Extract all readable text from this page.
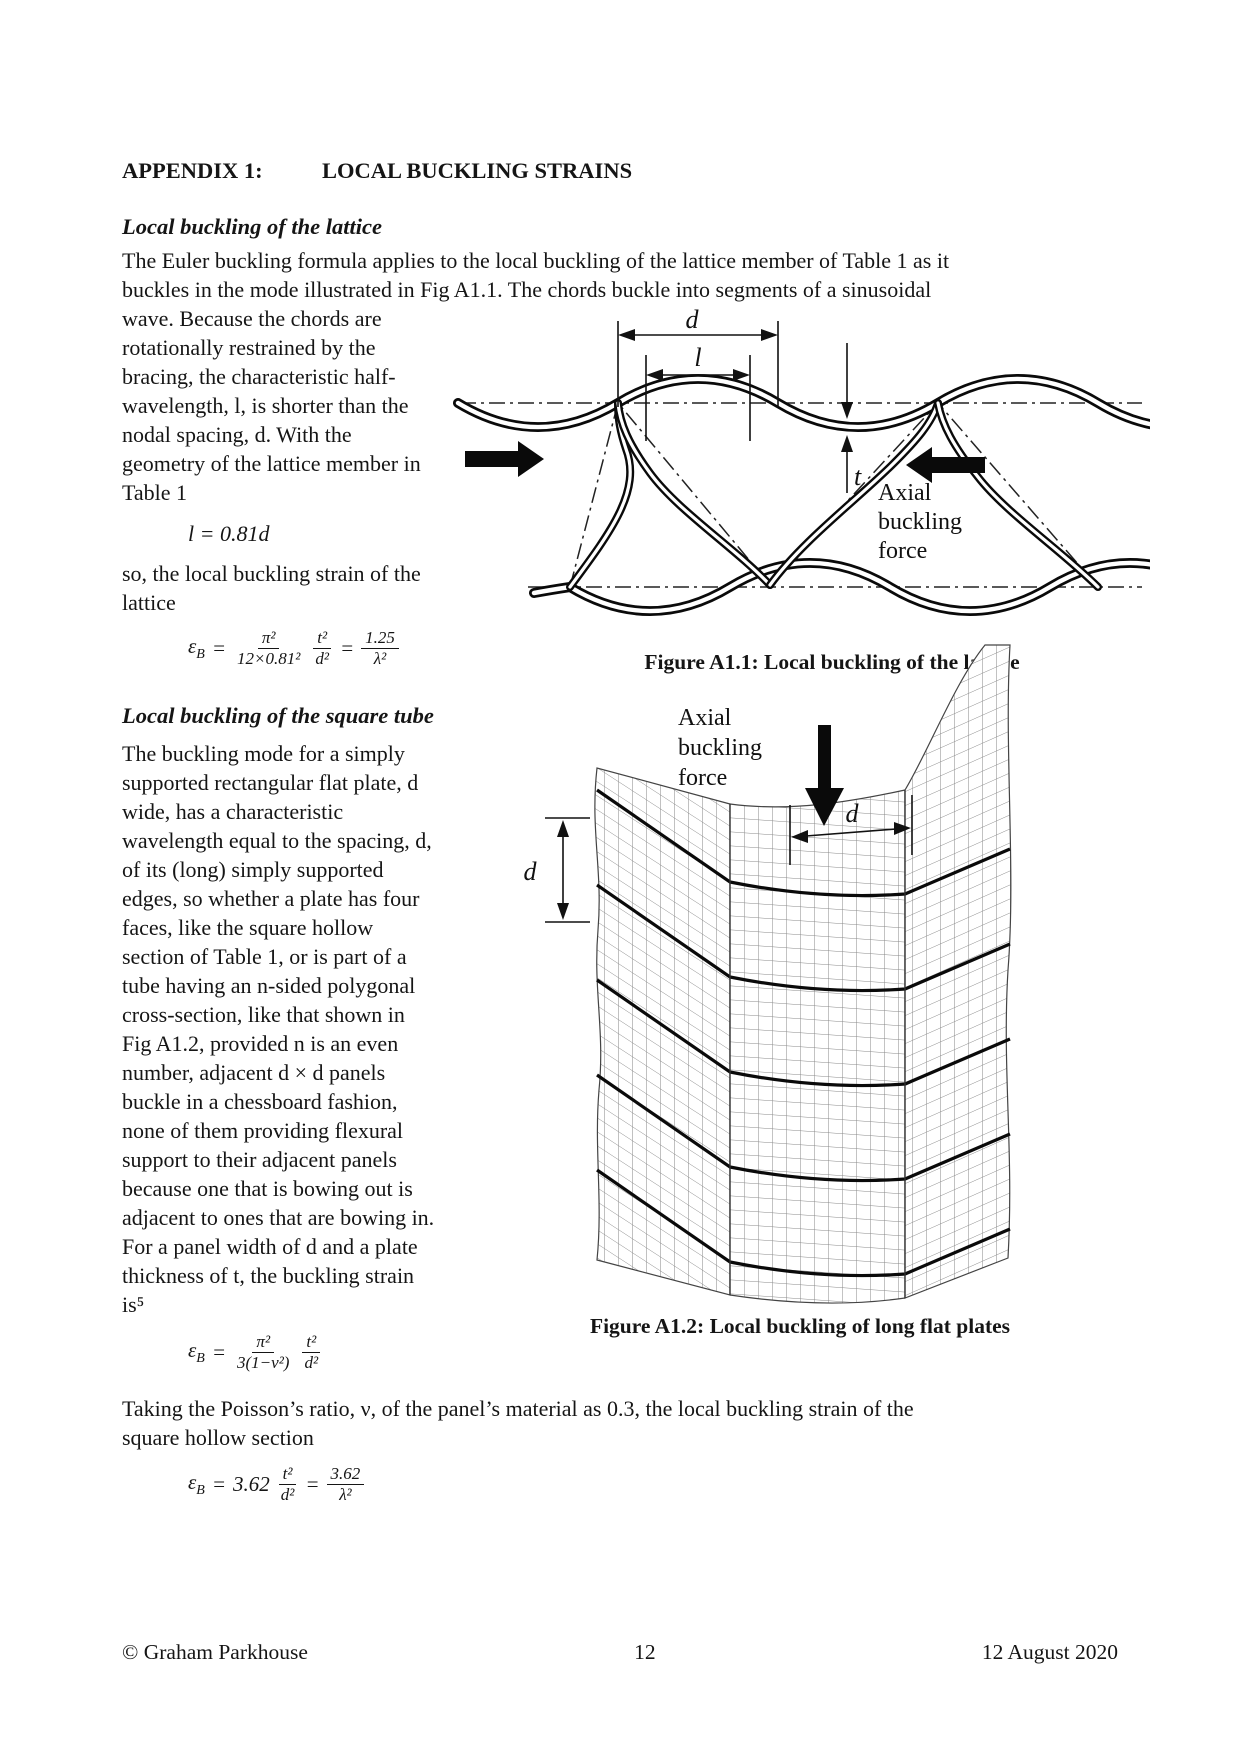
APPENDIX 1:	LOCAL BUCKLING STRAINS
Local buckling of the lattice
The Euler buckling formula applies to the local buckling of the lattice member of Table 1 as it
buckles in the mode illustrated in Fig A1.1. The chords buckle into segments of a sinusoidal
wave. Because the chords are
rotationally restrained by the
bracing, the characteristic half-
wavelength, l, is shorter than the
nodal spacing, d. With the
geometry of the lattice member in
Table 1
l = 0.81d
so, the local buckling strain of the
lattice
$\varepsilon_B = \frac{\text{π²}}{\text{12×0.81²}} \frac{\text{t²}}{\text{d²}} = \frac{1.25}{\text{λ²}}$
d
l
t
Axial
buckling
force
Figure A1.1: Local buckling of the lattice
Local buckling of the square tube
The buckling mode for a simply
supported rectangular flat plate, d
wide, has a characteristic
wavelength equal to the spacing, d,
of its (long) simply supported
edges, so whether a plate has four
faces, like the square hollow
section of Table 1, or is part of a
tube having an n-sided polygonal
cross-section, like that shown in
Fig A1.2, provided n is an even
number, adjacent d × d panels
buckle in a chessboard fashion,
none of them providing flexural
support to their adjacent panels
because one that is bowing out is
adjacent to ones that are bowing in.
For a panel width of d and a plate
thickness of t, the buckling strain
is⁵
Axial
buckling
force
d
d
Figure A1.2: Local buckling of long flat plates
$\varepsilon_B = \frac{\text{π²}}{\text{3(1−ν²)}} \frac{\text{t²}}{\text{d²}}$
Taking the Poisson’s ratio, ν, of the panel’s material as 0.3, the local buckling strain of the
square hollow section
$\varepsilon_B = 3.62 \frac{\text{t²}}{\text{d²}} = \frac{3.62}{\text{λ²}}$
© Graham Parkhouse	12	12 August 2020
